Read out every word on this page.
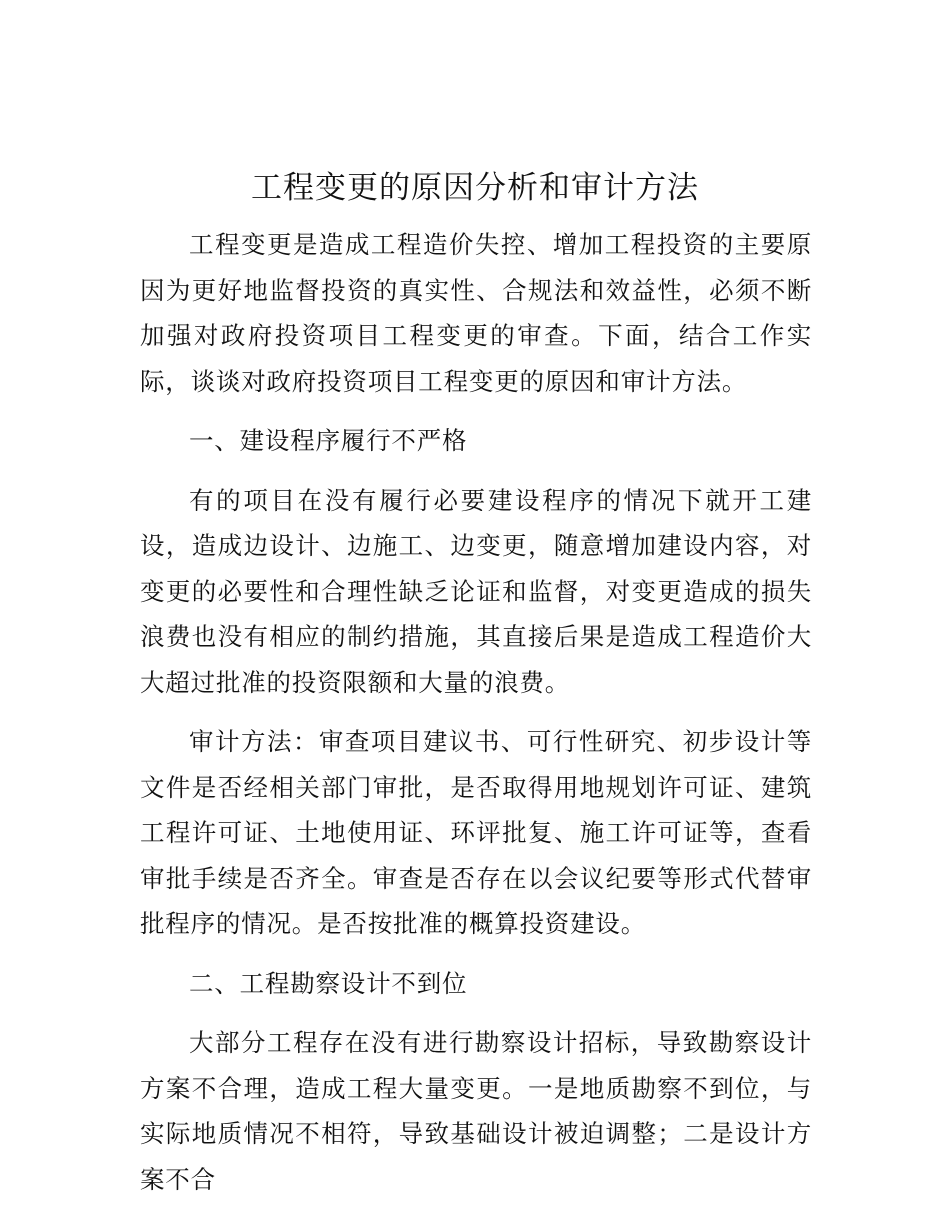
工程变更的原因分析和审计方法

工程变更是造成工程造价失控、增加工程投资的主要原因为更好地监督投资的真实性、合规法和效益性，必须不断加强对政府投资项目工程变更的审查。下面，结合工作实际，谈谈对政府投资项目工程变更的原因和审计方法。

一、建设程序履行不严格

有的项目在没有履行必要建设程序的情况下就开工建设，造成边设计、边施工、边变更，随意增加建设内容，对变更的必要性和合理性缺乏论证和监督，对变更造成的损失浪费也没有相应的制约措施，其直接后果是造成工程造价大大超过批准的投资限额和大量的浪费。

审计方法：审查项目建议书、可行性研究、初步设计等文件是否经相关部门审批，是否取得用地规划许可证、建筑工程许可证、土地使用证、环评批复、施工许可证等，查看审批手续是否齐全。审查是否存在以会议纪要等形式代替审批程序的情况。是否按批准的概算投资建设。

二、工程勘察设计不到位

大部分工程存在没有进行勘察设计招标，导致勘察设计方案不合理，造成工程大量变更。一是地质勘察不到位，与实际地质情况不相符，导致基础设计被迫调整；二是设计方案不合
